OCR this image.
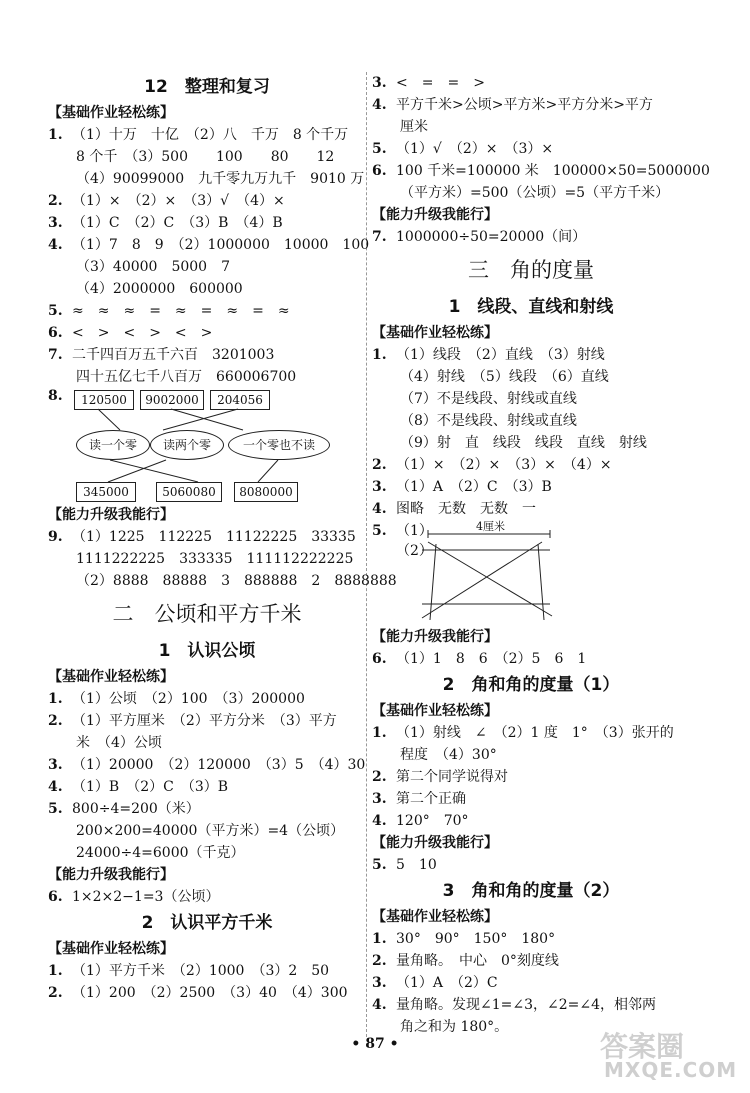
12　整理和复习
【基础作业轻松练】
1. （1）十万　十亿　（2）八　千万　8 个千万
8 个千　（3）500　　100　　80　　12
（4）90099000　九千零九万九千　9010 万
2. （1）×　（2）×　（3）√　（4）×
3. （1）C　（2）C　（3）B　（4）B
4. （1）7　8　9　（2）1000000　10000　100
（3）40000　5000　7
（4）2000000　600000
5. ≈　≈　≈　=　≈　=　≈　=　≈
6. <　>　<　>　<　>
7. 二千四百万五千六百　3201003
四十五亿七千八百万　660006700
8.	120500	9002000	204056
读一个零	读两个零	一个零也不读
345000	5060080	8080000
【能力升级我能行】
9. （1）1225　112225　11122225　33335
1111222225　333335　111112222225
（2）8888　88888　3　888888　2　8888888
二　公顷和平方千米
1　认识公顷
【基础作业轻松练】
1. （1）公顷　（2）100　（3）200000
2. （1）平方厘米　（2）平方分米　（3）平方
米　（4）公顷
3. （1）20000　（2）120000　（3）5　（4）30
4. （1）B　（2）C　（3）B
5. 800÷4=200（米）
200×200=40000（平方米）=4（公顷）
24000÷4=6000（千克）
【能力升级我能行】
6. 1×2×2−1=3（公顷）
2　认识平方千米
【基础作业轻松练】
1. （1）平方千米　（2）1000　（3）2　50
2. （1）200　（2）2500　（3）40　（4）300
3. <　=　=　>
4. 平方千米>公顷>平方米>平方分米>平方
厘米
5. （1）√　（2）×　（3）×
6. 100 千米=100000 米　100000×50=5000000
（平方米）=500（公顷）=5（平方千米）
【能力升级我能行】
7. 1000000÷50=20000（间）
三　角的度量
1　线段、直线和射线
【基础作业轻松练】
1. （1）线段　（2）直线　（3）射线
（4）射线　（5）线段　（6）直线
（7）不是线段、射线或直线
（8）不是线段、射线或直线
（9）射　直　线段　线段　直线　射线
2. （1）×　（2）×　（3）×　（4）×
3. （1）A　（2）C　（3）B
4. 图略　无数　无数　一
5. （1）	4厘米
（2）
【能力升级我能行】
6. （1）1　8　6　（2）5　6　1
2　角和角的度量（1）
【基础作业轻松练】
1. （1）射线　∠　（2）1 度　1°　（3）张开的
程度　（4）30°
2. 第二个同学说得对
3. 第二个正确
4. 120°　70°
【能力升级我能行】
5. 5　10
3　角和角的度量（2）
【基础作业轻松练】
1. 30°　90°　150°　180°
2. 量角略。　中心　0°刻度线
3. （1）A　（2）C
4. 量角略。发现∠1=∠3，∠2=∠4，相邻两
角之和为 180°。
• 87 •	答案圈
MXQE.COM
